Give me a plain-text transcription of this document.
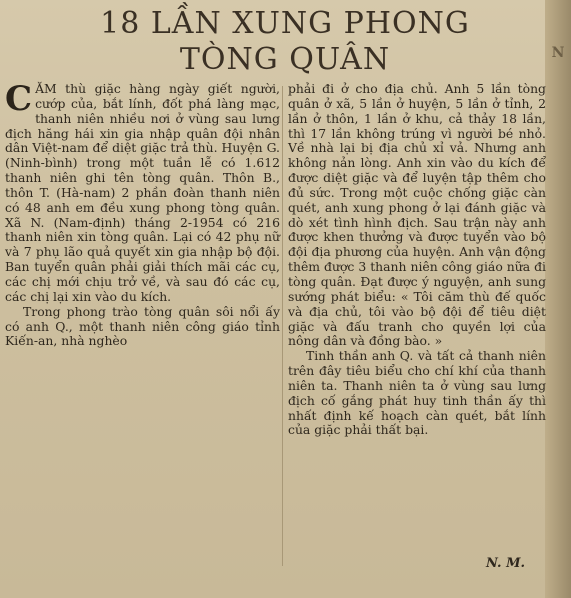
N
18 LẦN XUNG PHONG
TÒNG QUÂN

CĂM thù giặc hàng ngày giết người, cướp của, bắt lính, đốt phá làng mạc, thanh niên nhiều nơi ở vùng sau lưng địch hăng hái xin gia nhập quân đội nhân dân Việt-nam để diệt giặc trả thù. Huyện G. (Ninh-bình) trong một tuần lễ có 1.612 thanh niên ghi tên tòng quân. Thôn B., thôn T. (Hà-nam) 2 phần đoàn thanh niên có 48 anh em đều xung phong tòng quân. Xã N. (Nam-định) tháng 2-1954 có 216 thanh niên xin tòng quân. Lại có 42 phụ nữ và 7 phụ lão quả quyết xin gia nhập bộ đội. Ban tuyển quân phải giải thích mãi các cụ, các chị mới chịu trở về, và sau đó các cụ, các chị lại xin vào du kích.

Trong phong trào tòng quân sôi nổi ấy có anh Q., một thanh niên công giáo tỉnh Kiến-an, nhà nghèo

phải đi ở cho địa chủ. Anh 5 lần tòng quân ở xã, 5 lần ở huyện, 5 lần ở tỉnh, 2 lần ở thôn, 1 lần ở khu, cả thảy 18 lần, thì 17 lần không trúng vì người bé nhỏ. Về nhà lại bị địa chủ xỉ vả. Nhưng anh không nản lòng. Anh xin vào du kích để được diệt giặc và để luyện tập thêm cho đủ sức. Trong một cuộc chống giặc càn quét, anh xung phong ở lại đánh giặc và dò xét tình hình địch. Sau trận này anh được khen thưởng và được tuyển vào bộ đội địa phương của huyện. Anh vận động thêm được 3 thanh niên công giáo nữa đi tòng quân. Đạt được ý nguyện, anh sung sướng phát biểu: « Tôi căm thù đế quốc và địa chủ, tôi vào bộ đội để tiêu diệt giặc và đấu tranh cho quyền lợi của nông dân và đồng bào. »

Tinh thần anh Q. và tất cả thanh niên trên đây tiêu biểu cho chí khí của thanh niên ta. Thanh niên ta ở vùng sau lưng địch cố gắng phát huy tinh thần ấy thì nhất định kế hoạch càn quét, bắt lính của giặc phải thất bại.

N. M.
